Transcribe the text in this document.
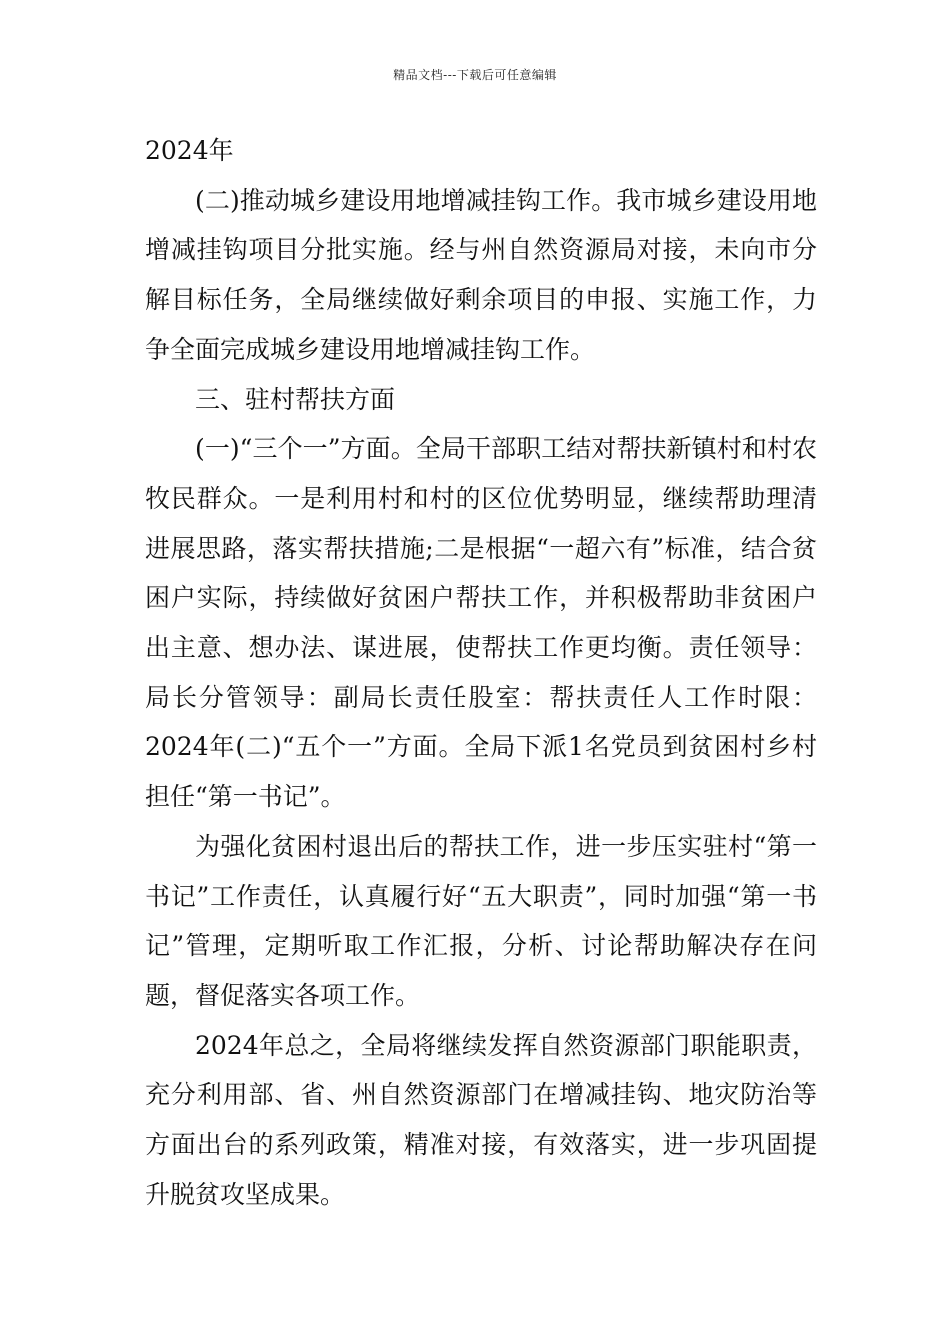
精品文档---下载后可任意编辑

2024年

(二)推动城乡建设用地增减挂钩工作。我市城乡建设用地增减挂钩项目分批实施。经与州自然资源局对接，未向市分解目标任务，全局继续做好剩余项目的申报、实施工作，力争全面完成城乡建设用地增减挂钩工作。

三、驻村帮扶方面

(一)“三个一”方面。全局干部职工结对帮扶新镇村和村农牧民群众。一是利用村和村的区位优势明显，继续帮助理清进展思路，落实帮扶措施;二是根据“一超六有”标准，结合贫困户实际，持续做好贫困户帮扶工作，并积极帮助非贫困户出主意、想办法、谋进展，使帮扶工作更均衡。责任领导：局长分管领导：副局长责任股室：帮扶责任人工作时限：2024年(二)“五个一”方面。全局下派1名党员到贫困村乡村担任“第一书记”。

为强化贫困村退出后的帮扶工作，进一步压实驻村“第一书记”工作责任，认真履行好“五大职责”，同时加强“第一书记”管理，定期听取工作汇报，分析、讨论帮助解决存在问题，督促落实各项工作。

2024年总之，全局将继续发挥自然资源部门职能职责，充分利用部、省、州自然资源部门在增减挂钩、地灾防治等方面出台的系列政策，精准对接，有效落实，进一步巩固提升脱贫攻坚成果。
